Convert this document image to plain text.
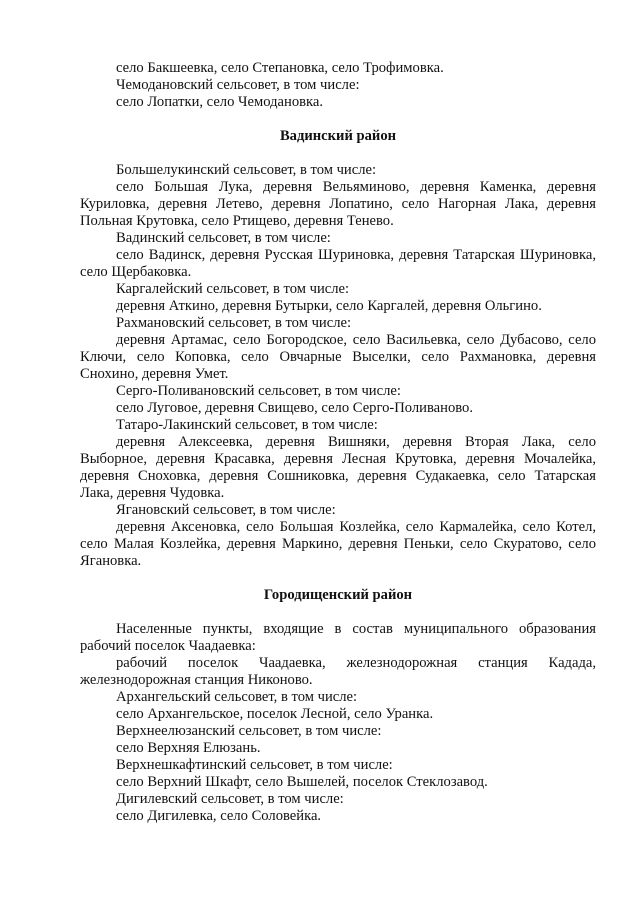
село Бакшеевка, село Степановка, село Трофимовка.

Чемодановский сельсовет, в том числе:

село Лопатки, село Чемодановка.

Вадинский район

Большелукинский сельсовет, в том числе:

село Большая Лука, деревня Вельяминово, деревня Каменка, деревня Куриловка, деревня Летево, деревня Лопатино, село Нагорная Лака, деревня Польная Крутовка, село Ртищево, деревня Тенево.

Вадинский сельсовет, в том числе:

село Вадинск, деревня Русская Шуриновка, деревня Татарская Шуриновка, село Щербаковка.

Каргалейский сельсовет, в том числе:

деревня Аткино, деревня Бутырки, село Каргалей, деревня Ольгино.

Рахмановский сельсовет, в том числе:

деревня Артамас, село Богородское, село Васильевка, село Дубасово, село Ключи, село Коповка, село Овчарные Выселки, село Рахмановка, деревня Снохино, деревня Умет.

Серго-Поливановский сельсовет, в том числе:

село Луговое, деревня Свищево, село Серго-Поливаново.

Татаро-Лакинский сельсовет, в том числе:

деревня Алексеевка, деревня Вишняки, деревня Вторая Лака, село Выборное, деревня Красавка, деревня Лесная Крутовка, деревня Мочалейка, деревня Сноховка, деревня Сошниковка, деревня Судакаевка, село Татарская Лака, деревня Чудовка.

Ягановский сельсовет, в том числе:

деревня Аксеновка, село Большая Козлейка, село Кармалейка, село Котел, село Малая Козлейка, деревня Маркино, деревня Пеньки, село Скуратово, село Ягановка.

Городищенский район

Населенные пункты, входящие в состав муниципального образования рабочий поселок Чаадаевка:

рабочий поселок Чаадаевка, железнодорожная станция Кадада, железнодорожная станция Никоново.

Архангельский сельсовет, в том числе:

село Архангельское, поселок Лесной, село Уранка.

Верхнеелюзанский сельсовет, в том числе:

село Верхняя Елюзань.

Верхнешкафтинский сельсовет, в том числе:

село Верхний Шкафт, село Вышелей, поселок Стеклозавод.

Дигилевский сельсовет, в том числе:

село Дигилевка, село Соловейка.
